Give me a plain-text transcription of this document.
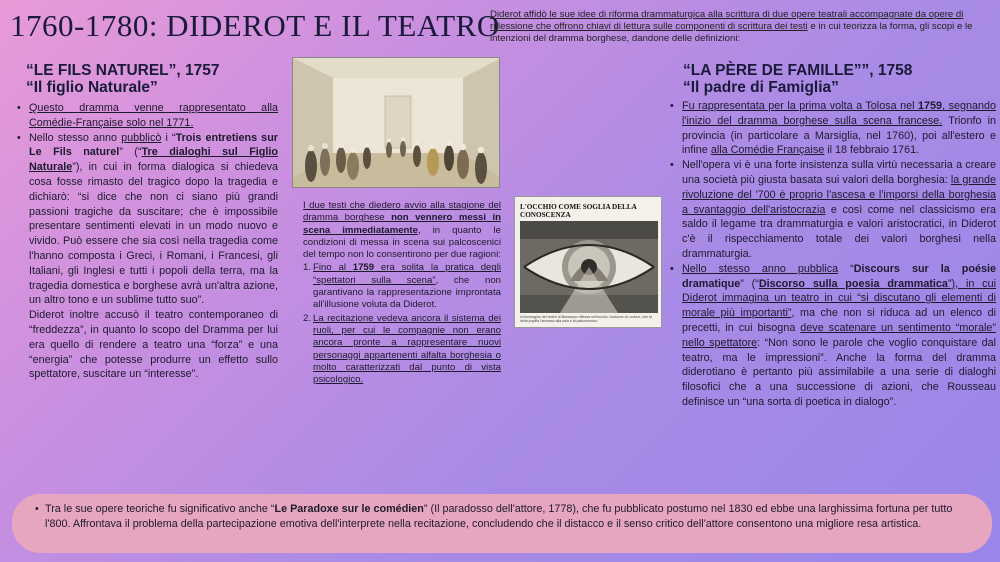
1760-1780: DIDEROT E IL TEATRO
Diderot affidò le sue idee di riforma drammaturgica alla scrittura di due opere teatrali accompagnate da opere di riflessione che offrono chiavi di lettura sulle componenti di scrittura dei testi e in cui teorizza la forma, gli scopi e le intenzioni del dramma borghese, dandone delle definizioni:
“LE FILS NATUREL”, 1757
“Il figlio Naturale”
• Questo dramma venne rappresentato alla Comédie-Française solo nel 1771.
• Nello stesso anno pubblicò i “Trois entretiens sur Le Fils naturel” (“Tre dialoghi sul Figlio Naturale”), in cui in forma dialogica si chiedeva cosa fosse rimasto del tragico dopo la tragedia e dichiarò: “si dice che non ci siano più grandi passioni tragiche da suscitare; che è impossibile presentare sentimenti elevati in un modo nuovo e vivido. Può essere che sia così nella tragedia come l'hanno composta i Greci, i Romani, i Francesi, gli Italiani, gli Inglesi e tutti i popoli della terra, ma la tragedia domestica e borghese avrà un'altra azione, un altro tono e un sublime tutto suo”.
Diderot inoltre accusò il teatro contemporaneo di “freddezza”, in quanto lo scopo del Dramma per lui era quello di rendere a teatro una “forza” e una “energia” che potesse produrre un effetto sullo spettatore, suscitare un “interesse”.
I due testi che diedero avvio alla stagione del dramma borghese non vennero messi in scena immediatamente, in quanto le condizioni di messa in scena sui palcoscenici del tempo non lo consentirono per due ragioni:
1. Fino al 1759 era solita la pratica degli “spettatori sulla scena”, che non garantivano la rappresentazione improntata all'illusione voluta da Diderot.
2. La recitazione vedeva ancora il sistema dei ruoli, per cui le compagnie non erano ancora pronte a rappresentare nuovi personaggi appartenenti alfalta borghesia o molto caratterizzati dal punto di vista psicologico.
L'OCCHIO COME SOGLIA DELLA CONOSCENZA
Un'immagine del teatro di Besançon riflessa nell'occhio: incisione di Ledoux, che fa della pupilla l'accesso alla sala e al palcoscenico
“LA PÈRE DE FAMILLE””, 1758
“Il padre di Famiglia”
• Fu rappresentata per la prima volta a Tolosa nel 1759, segnando l'inizio del dramma borghese sulla scena francese. Trionfo in provincia (in particolare a Marsiglia, nel 1760), poi all'estero e infine alla Comédie Française il 18 febbraio 1761.
• Nell'opera vi è una forte insistenza sulla virtù necessaria a creare una società più giusta basata sui valori della borghesia: la grande rivoluzione del '700 è proprio l'ascesa e l'imporsi della borghesia a svantaggio dell'aristocrazia e così come nel classicismo era saldo il legame tra drammaturgia e valori aristocratici, in Diderot c'è il rispecchiamento totale dei valori borghesi nella drammaturgia.
• Nello stesso anno pubblica “Discours sur la poésie dramatique” (“Discorso sulla poesia drammatica”), in cui Diderot immagina un teatro in cui “si discutano gli elementi di morale più importanti”, ma che non si riduca ad un elenco di precetti, in cui bisogna deve scatenare un sentimento “morale” nello spettatore: “Non sono le parole che voglio conquistare dal teatro, ma le impressioni”. Anche la forma del dramma diderotiano è pertanto più assimilabile a una serie di dialoghi filosofici che a una successione di azioni, che Rousseau definisce un “una sorta di poetica in dialogo”.
• Tra le sue opere teoriche fu significativo anche “Le Paradoxe sur le comédien” (Il paradosso dell'attore, 1778), che fu pubblicato postumo nel 1830 ed ebbe una larghissima fortuna per tutto l'800. Affrontava il problema della partecipazione emotiva dell'interprete nella recitazione, concludendo che il distacco e il senso critico dell'attore consentono una migliore resa artistica.
